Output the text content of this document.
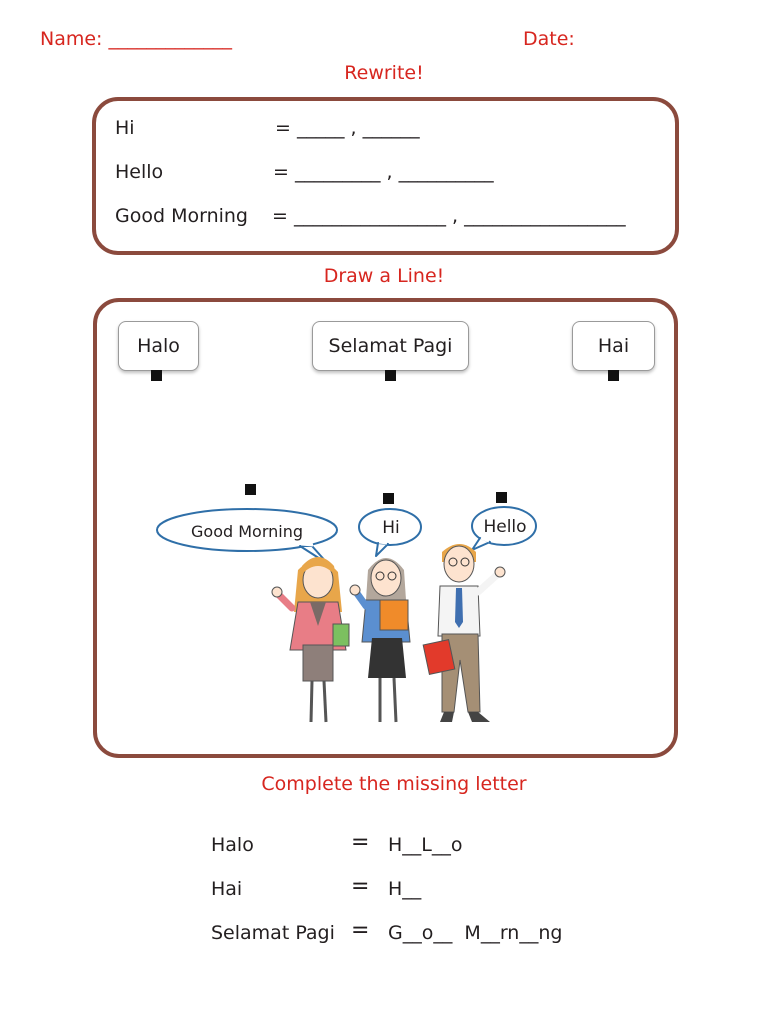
Name: _____________	Date:
Rewrite!
Hi	= _____ , ______
Hello	= _________ , __________
Good Morning = ________________ , _________________
Draw a Line!
Halo	Selamat Pagi	Hai
Good Morning	Hi	Hello
Complete the missing letter
Halo	= H__L__o
Hai	= H__
Selamat Pagi = G__o__  M__rn__ng
